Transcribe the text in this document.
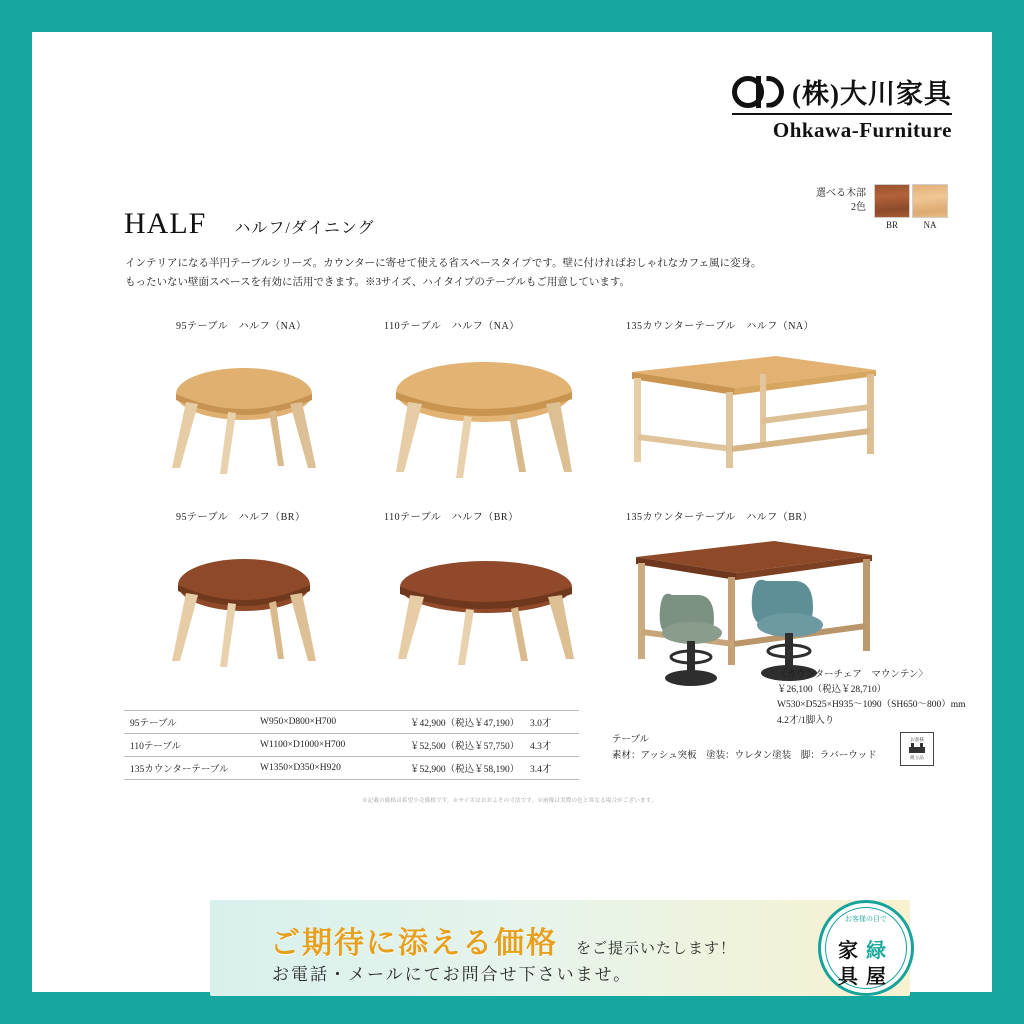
(株)大川家具
Ohkawa-Furniture
選べる木部
2色
BR	NA
HALF ハルフ/ダイニング
インテリアになる半円テーブルシリーズ。カウンターに寄せて使える省スペースタイプです。壁に付ければおしゃれなカフェ風に変身。
もったいない壁面スペースを有効に活用できます。※3サイズ、ハイタイプのテーブルもご用意しています。
95テーブル　ハルフ（NA）	110テーブル　ハルフ（NA）	135カウンターテーブル　ハルフ（NA）
95テーブル　ハルフ（BR）	110テーブル　ハルフ（BR）	135カウンターテーブル　ハルフ（BR）
95テーブル	W950×D800×H700	￥42,900（税込￥47,190）	3.0才
110テーブル	W1100×D1000×H700	￥52,500（税込￥57,750）	4.3才
135カウンターテーブル	W1350×D350×H920	￥52,900（税込￥58,190）	3.4才
※記載の価格は希望小売価格です。※サイズはおおよその寸法です。※画像は実際の色と異なる場合がございます。
〈カウンターチェア　マウンテン〉
￥26,100（税込￥28,710）
W530×D525×H935〜1090（SH650〜800）mm
4.2才/1脚入り
テーブル
素材：アッシュ突板　塗装：ウレタン塗装　脚：ラバーウッド
お客様
組立品
ご期待に添える価格 をご提示いたします！
お電話・メールにてお問合せ下さいませ。
お客様の目で
家 緑
具 屋
